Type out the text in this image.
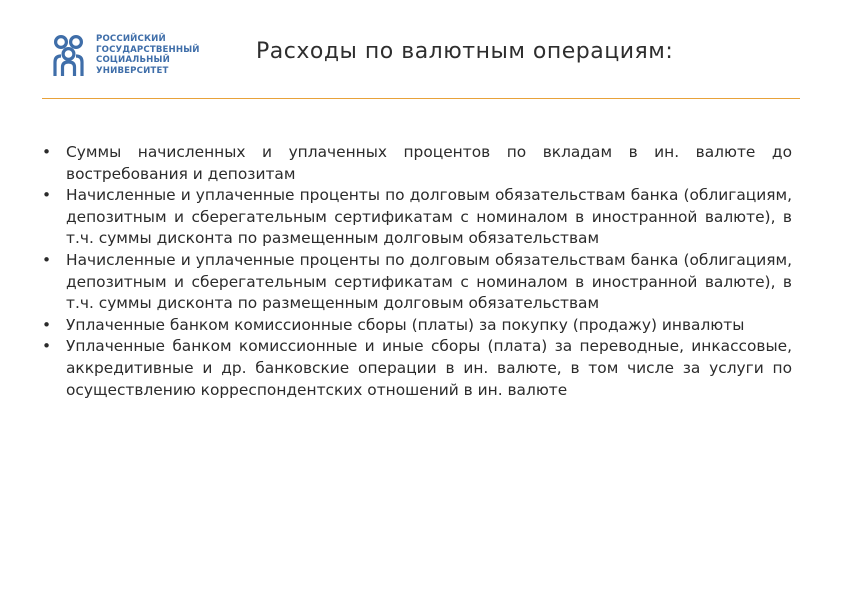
РОССИЙСКИЙ
ГОСУДАРСТВЕННЫЙ
СОЦИАЛЬНЫЙ
УНИВЕРСИТЕТ
Расходы по валютным операциям:
• Суммы начисленных и уплаченных процентов по вкладам в ин. валюте до востребования и депозитам
• Начисленные и уплаченные проценты по долговым обязательствам банка (облигациям, депозитным и сберегательным сертификатам с номиналом в иностранной валюте), в т.ч. суммы дисконта по размещенным долговым обязательствам
• Начисленные и уплаченные проценты по долговым обязательствам банка (облигациям, депозитным и сберегательным сертификатам с номиналом в иностранной валюте), в т.ч. суммы дисконта по размещенным долговым обязательствам
• Уплаченные банком комиссионные сборы (платы) за покупку (продажу) инвалюты
• Уплаченные банком комиссионные и иные сборы (плата) за переводные, инкассовые, аккредитивные и др. банковские операции в ин. валюте, в том числе за услуги по осуществлению корреспондентских отношений в ин. валюте
